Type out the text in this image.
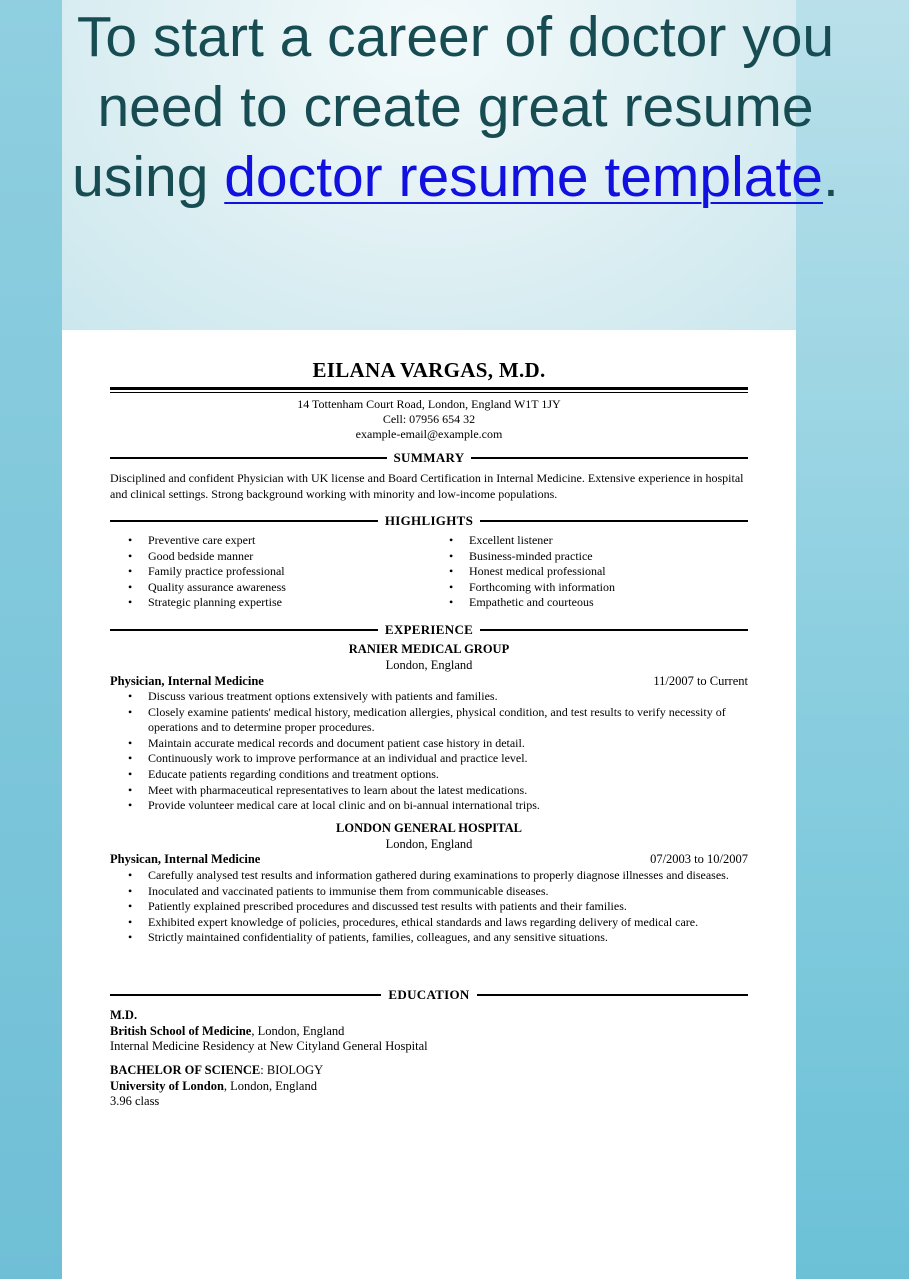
To start a career of doctor you need to create great resume using doctor resume template.
EILANA VARGAS, M.D.
14 Tottenham Court Road, London, England W1T 1JY
Cell: 07956 654 32
example-email@example.com
SUMMARY
Disciplined and confident Physician with UK license and Board Certification in Internal Medicine. Extensive experience in hospital and clinical settings. Strong background working with minority and low-income populations.
HIGHLIGHTS
• Preventive care expert
• Good bedside manner
• Family practice professional
• Quality assurance awareness
• Strategic planning expertise
• Excellent listener
• Business-minded practice
• Honest medical professional
• Forthcoming with information
• Empathetic and courteous
EXPERIENCE
RANIER MEDICAL GROUP
London, England
Physician, Internal Medicine	11/2007 to Current
• Discuss various treatment options extensively with patients and families.
• Closely examine patients' medical history, medication allergies, physical condition, and test results to verify necessity of operations and to determine proper procedures.
• Maintain accurate medical records and document patient case history in detail.
• Continuously work to improve performance at an individual and practice level.
• Educate patients regarding conditions and treatment options.
• Meet with pharmaceutical representatives to learn about the latest medications.
• Provide volunteer medical care at local clinic and on bi-annual international trips.
LONDON GENERAL HOSPITAL
London, England
Physican, Internal Medicine	07/2003 to 10/2007
• Carefully analysed test results and information gathered during examinations to properly diagnose illnesses and diseases.
• Inoculated and vaccinated patients to immunise them from communicable diseases.
• Patiently explained prescribed procedures and discussed test results with patients and their families.
• Exhibited expert knowledge of policies, procedures, ethical standards and laws regarding delivery of medical care.
• Strictly maintained confidentiality of patients, families, colleagues, and any sensitive situations.
EDUCATION
M.D.
British School of Medicine, London, England
Internal Medicine Residency at New Cityland General Hospital
BACHELOR OF SCIENCE: BIOLOGY
University of London, London, England
3.96 class
